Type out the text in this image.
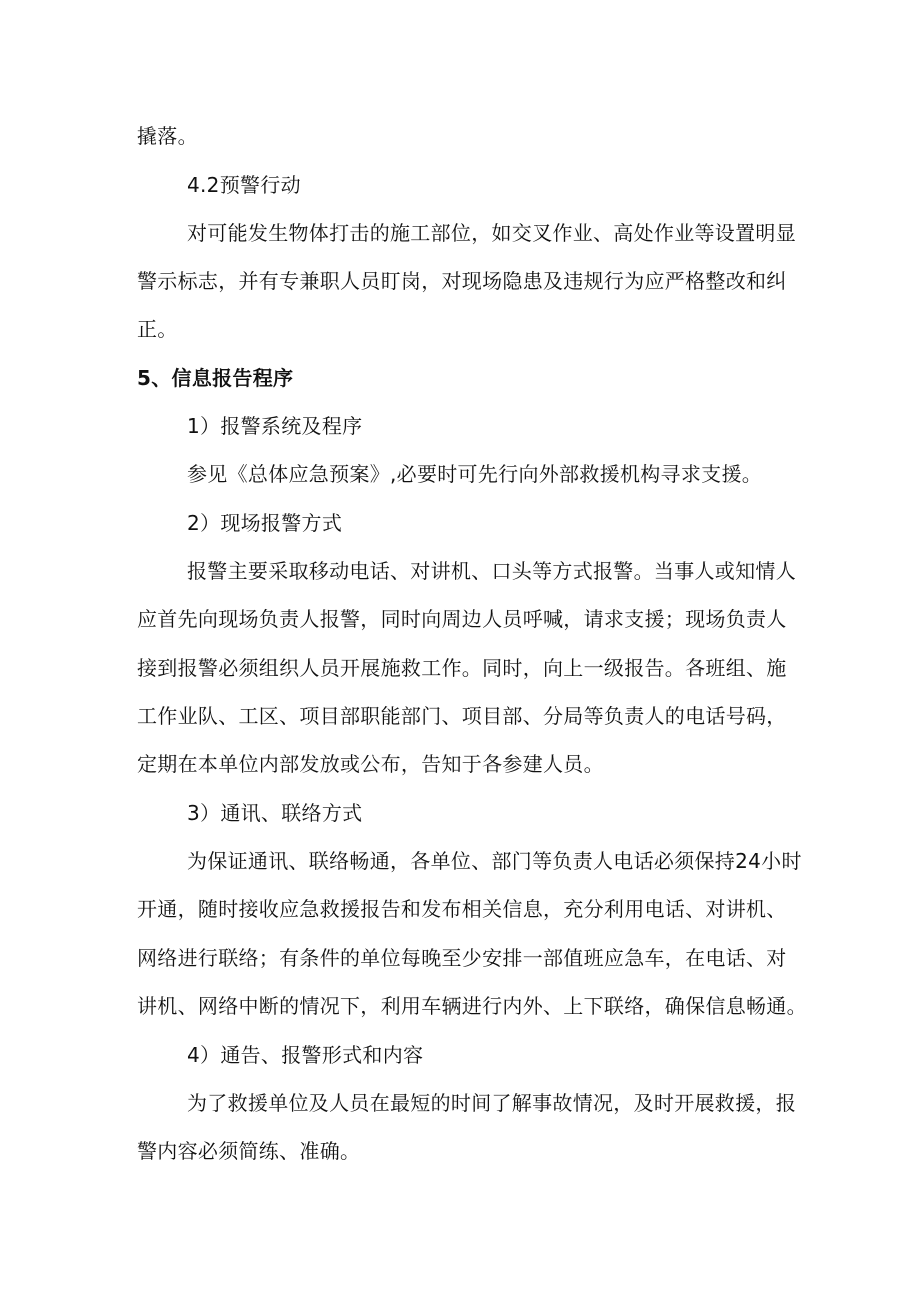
撬落。
4.2预警行动
对可能发生物体打击的施工部位，如交叉作业、高处作业等设置明显
警示标志，并有专兼职人员盯岗，对现场隐患及违规行为应严格整改和纠
正。
5、信息报告程序
1）报警系统及程序
参见《总体应急预案》,必要时可先行向外部救援机构寻求支援。
2）现场报警方式
报警主要采取移动电话、对讲机、口头等方式报警。当事人或知情人
应首先向现场负责人报警，同时向周边人员呼喊，请求支援；现场负责人
接到报警必须组织人员开展施救工作。同时，向上一级报告。各班组、施
工作业队、工区、项目部职能部门、项目部、分局等负责人的电话号码，
定期在本单位内部发放或公布，告知于各参建人员。
3）通讯、联络方式
为保证通讯、联络畅通，各单位、部门等负责人电话必须保持24小时
开通，随时接收应急救援报告和发布相关信息，充分利用电话、对讲机、
网络进行联络；有条件的单位每晚至少安排一部值班应急车，在电话、对
讲机、网络中断的情况下，利用车辆进行内外、上下联络，确保信息畅通。
4）通告、报警形式和内容
为了救援单位及人员在最短的时间了解事故情况，及时开展救援，报
警内容必须简练、准确。
